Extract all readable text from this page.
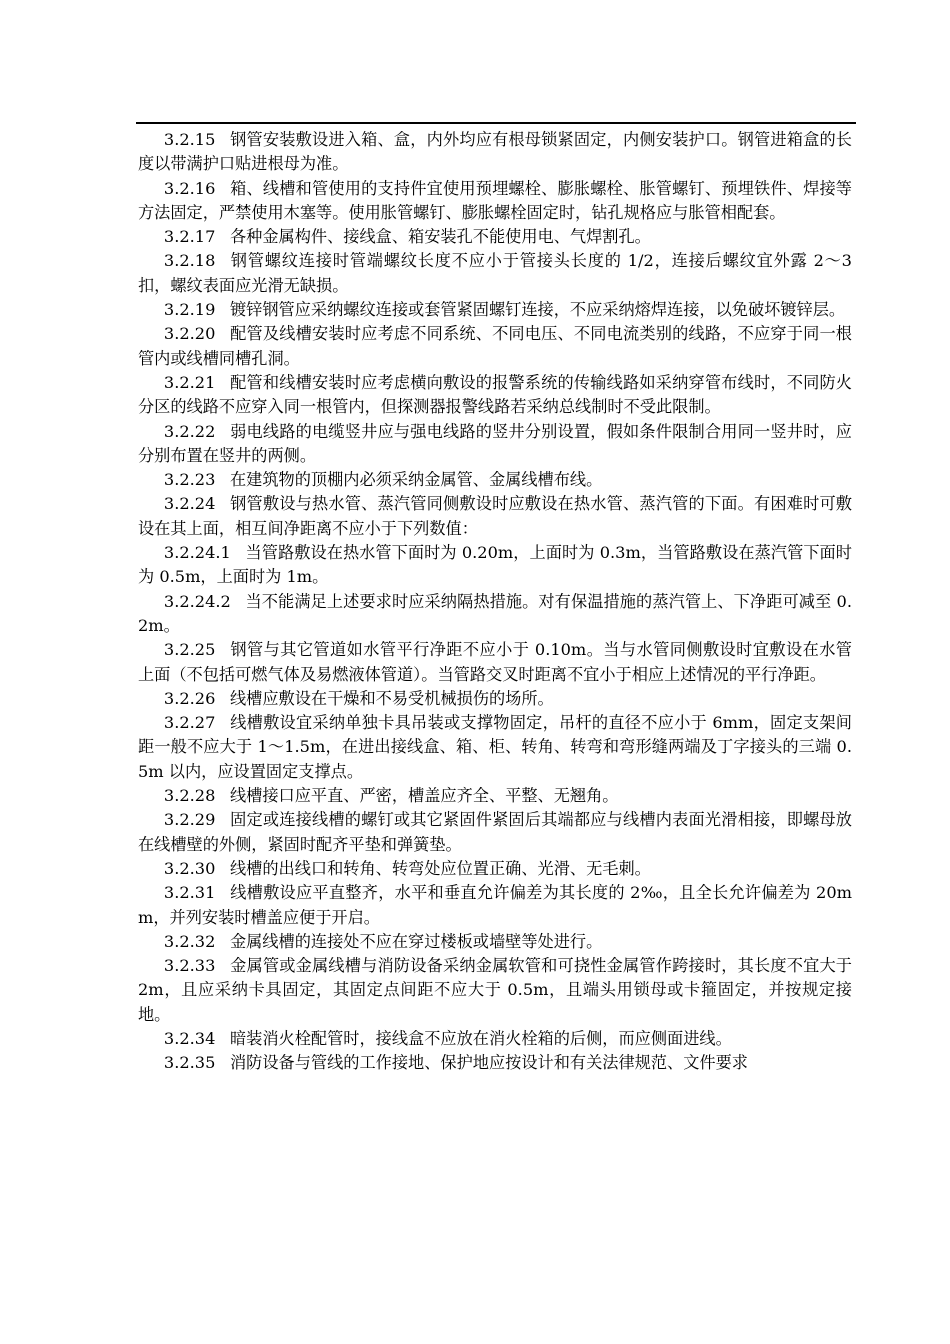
3.2.15 钢管安装敷设进入箱、盒，内外均应有根母锁紧固定，内侧安装护口。钢管进箱盒的长度以带满护口贴进根母为准。

3.2.16 箱、线槽和管使用的支持件宜使用预埋螺栓、膨胀螺栓、胀管螺钉、预埋铁件、焊接等方法固定，严禁使用木塞等。使用胀管螺钉、膨胀螺栓固定时，钻孔规格应与胀管相配套。

3.2.17 各种金属构件、接线盒、箱安装孔不能使用电、气焊割孔。

3.2.18 钢管螺纹连接时管端螺纹长度不应小于管接头长度的 1/2，连接后螺纹宜外露 2～3 扣，螺纹表面应光滑无缺损。

3.2.19 镀锌钢管应采纳螺纹连接或套管紧固螺钉连接，不应采纳熔焊连接，以免破坏镀锌层。

3.2.20 配管及线槽安装时应考虑不同系统、不同电压、不同电流类别的线路，不应穿于同一根管内或线槽同槽孔洞。

3.2.21 配管和线槽安装时应考虑横向敷设的报警系统的传输线路如采纳穿管布线时，不同防火分区的线路不应穿入同一根管内，但探测器报警线路若采纳总线制时不受此限制。

3.2.22 弱电线路的电缆竖井应与强电线路的竖井分别设置，假如条件限制合用同一竖井时，应分别布置在竖井的两侧。

3.2.23 在建筑物的顶棚内必须采纳金属管、金属线槽布线。

3.2.24 钢管敷设与热水管、蒸汽管同侧敷设时应敷设在热水管、蒸汽管的下面。有困难时可敷设在其上面，相互间净距离不应小于下列数值：

3.2.24.1 当管路敷设在热水管下面时为 0.20m，上面时为 0.3m，当管路敷设在蒸汽管下面时为 0.5m，上面时为 1m。

3.2.24.2 当不能满足上述要求时应采纳隔热措施。对有保温措施的蒸汽管上、下净距可减至 0.2m。

3.2.25 钢管与其它管道如水管平行净距不应小于 0.10m。当与水管同侧敷设时宜敷设在水管上面（不包括可燃气体及易燃液体管道）。当管路交叉时距离不宜小于相应上述情况的平行净距。

3.2.26 线槽应敷设在干燥和不易受机械损伤的场所。

3.2.27 线槽敷设宜采纳单独卡具吊装或支撑物固定，吊杆的直径不应小于 6mm，固定支架间距一般不应大于 1～1.5m，在进出接线盒、箱、柜、转角、转弯和弯形缝两端及丁字接头的三端 0.5m 以内，应设置固定支撑点。

3.2.28 线槽接口应平直、严密，槽盖应齐全、平整、无翘角。

3.2.29 固定或连接线槽的螺钉或其它紧固件紧固后其端都应与线槽内表面光滑相接，即螺母放在线槽壁的外侧，紧固时配齐平垫和弹簧垫。

3.2.30 线槽的出线口和转角、转弯处应位置正确、光滑、无毛刺。

3.2.31 线槽敷设应平直整齐，水平和垂直允许偏差为其长度的 2‰，且全长允许偏差为 20mm，并列安装时槽盖应便于开启。

3.2.32 金属线槽的连接处不应在穿过楼板或墙壁等处进行。

3.2.33 金属管或金属线槽与消防设备采纳金属软管和可挠性金属管作跨接时，其长度不宜大于 2m，且应采纳卡具固定，其固定点间距不应大于 0.5m，且端头用锁母或卡箍固定，并按规定接地。

3.2.34 暗装消火栓配管时，接线盒不应放在消火栓箱的后侧，而应侧面进线。

3.2.35 消防设备与管线的工作接地、保护地应按设计和有关法律规范、文件要求
